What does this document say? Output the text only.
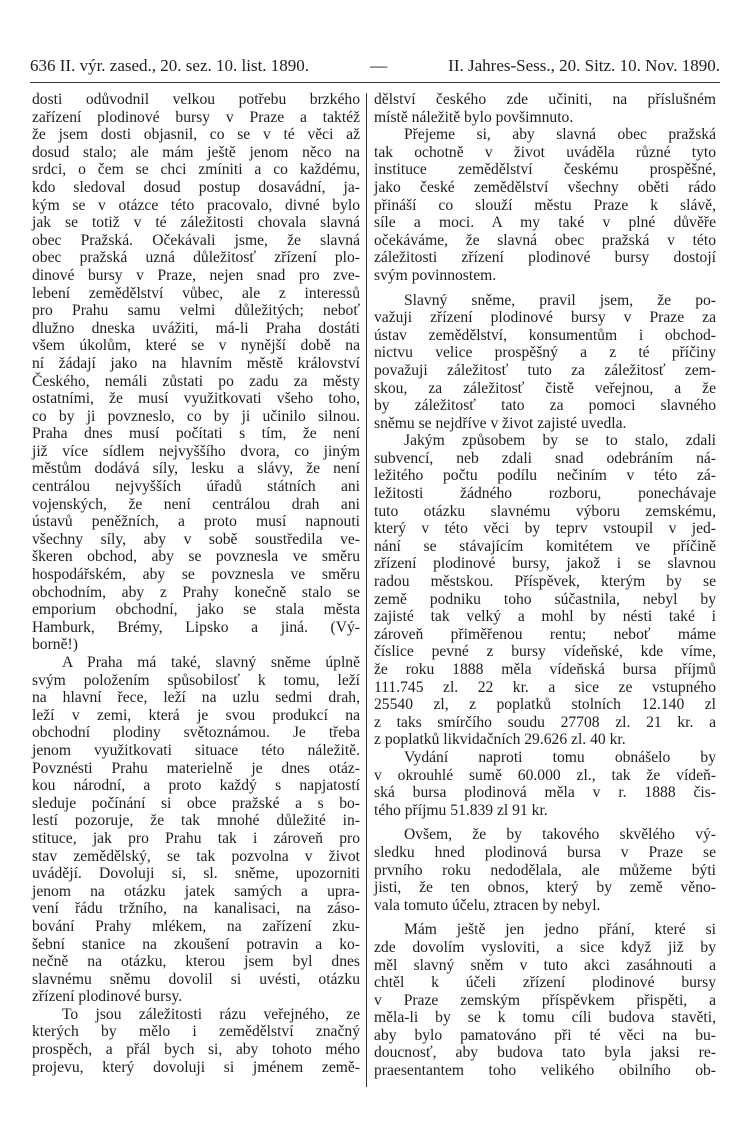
636 II. výr. zased., 20. sez. 10. list. 1890.	—	II. Jahres-Sess., 20. Sitz. 10. Nov. 1890.
dosti odůvodnil velkou potřebu brzkého
zařízení plodinové bursy v Praze a taktéž
že jsem dosti objasnil, co se v té věci až
dosud stalo; ale mám ještě jenom něco na
srdci, o čem se chci zmíniti a co každému,
kdo sledoval dosud postup dosavádní, ja-
kým se v otázce této pracovalo, divné bylo
jak se totiž v té záležitosti chovala slavná
obec Pražská. Očekávali jsme, že slavná
obec pražská uzná důležitosť zřízení plo-
dinové bursy v Praze, nejen snad pro zve-
lebení zemědělství vůbec, ale z interessů
pro Prahu samu velmi důležitých; neboť
dlužno dneska uvážiti, má-li Praha dostáti
všem úkolům, které se v nynější době na
ní žádají jako na hlavním městě království
Českého, nemáli zůstati po zadu za městy
ostatními, že musí využitkovati všeho toho,
co by ji povzneslo, co by ji učinilo silnou.
Praha dnes musí počítati s tím, že není
již více sídlem nejvyššího dvora, co jiným
městům dodává síly, lesku a slávy, že není
centrálou nejvyšších úřadů státních ani
vojenských, že není centrálou drah ani
ústavů peněžních, a proto musí napnouti
všechny síly, aby v sobě soustředila ve-
škeren obchod, aby se povznesla ve směru
hospodářském, aby se povznesla ve směru
obchodním, aby z Prahy konečně stalo se
emporium obchodní, jako se stala města
Hamburk, Brémy, Lipsko a jiná. (Vý-
borně!)
A Praha má také, slavný sněme úplně
svým položením spůsobilosť k tomu, leží
na hlavní řece, leží na uzlu sedmi drah,
leží v zemi, která je svou produkcí na
obchodní plodiny světoznámou. Je třeba
jenom využitkovati situace této náležitě.
Povznésti Prahu materielně je dnes otáz-
kou národní, a proto každý s napjatostí
sleduje počínání si obce pražské a s bo-
lestí pozoruje, že tak mnohé důležité in-
stituce, jak pro Prahu tak i zároveň pro
stav zemědělský, se tak pozvolna v život
uvádějí. Dovoluji si, sl. sněme, upozorniti
jenom na otázku jatek samých a upra-
vení řádu tržního, na kanalisaci, na záso-
bování Prahy mlékem, na zařízení zku-
šební stanice na zkoušení potravin a ko-
nečně na otázku, kterou jsem byl dnes
slavnému sněmu dovolil si uvésti, otázku
zřízení plodinové bursy.
To jsou záležitosti rázu veřejného, ze
kterých by mělo i zemědělství značný
prospěch, a přál bych si, aby tohoto mého
projevu, který dovoluji si jménem země-
dělství českého zde učiniti, na příslušném
místě náležitě bylo povšimnuto.
Přejeme si, aby slavná obec pražská
tak ochotně v život uváděla různé tyto
instituce zemědělství českému prospěšné,
jako české zemědělství všechny oběti rádo
přináší co slouží městu Praze k slávě,
síle a moci. A my také v plné důvěře
očekáváme, že slavná obec pražská v této
záležitosti zřízení plodinové bursy dostojí
svým povinnostem.
Slavný sněme, pravil jsem, že po-
važuji zřízení plodinové bursy v Praze za
ústav zemědělství, konsumentům i obchod-
nictvu velice prospěšný a z té příčiny
považuji záležitosť tuto za záležitosť zem-
skou, za záležitosť čistě veřejnou, a že
by záležitosť tato za pomoci slavného
sněmu se nejdříve v život zajisté uvedla.
Jakým způsobem by se to stalo, zdali
subvencí, neb zdali snad odebráním ná-
ležitého počtu podílu nečiním v této zá-
ležitosti žádného rozboru, ponechávaje
tuto otázku slavnému výboru zemskému,
který v této věci by teprv vstoupil v jed-
nání se stávajícím komitétem ve příčině
zřízení plodinové bursy, jakož i se slavnou
radou městskou. Příspěvek, kterým by se
země podniku toho súčastnila, nebyl by
zajisté tak velký a mohl by nésti také i
zároveň přiměřenou rentu; neboť máme
číslice pevné z bursy vídeňské, kde víme,
že roku 1888 měla vídeňská bursa příjmů
111.745 zl. 22 kr. a sice ze vstupného
25540 zl, z poplatků stolních 12.140 zl
z taks smírčího soudu 27708 zl. 21 kr. a
z poplatků likvidačních 29.626 zl. 40 kr.
Vydání naproti tomu obnášelo by
v okrouhlé sumě 60.000 zl., tak že vídeň-
ská bursa plodinová měla v r. 1888 čis-
tého příjmu 51.839 zl 91 kr.
Ovšem, že by takového skvělého vý-
sledku hned plodinová bursa v Praze se
prvního roku nedodělala, ale můžeme býti
jisti, že ten obnos, který by země věno-
vala tomuto účelu, ztracen by nebyl.
Mám ještě jen jedno přání, které si
zde dovolím vysloviti, a sice když již by
měl slavný sněm v tuto akci zasáhnouti a
chtěl k účeli zřízení plodinové bursy
v Praze zemským příspěvkem přispěti, a
měla-li by se k tomu cíli budova stavěti,
aby bylo pamatováno při té věci na bu-
doucnosť, aby budova tato byla jaksi re-
praesentantem toho velikého obilního ob-
